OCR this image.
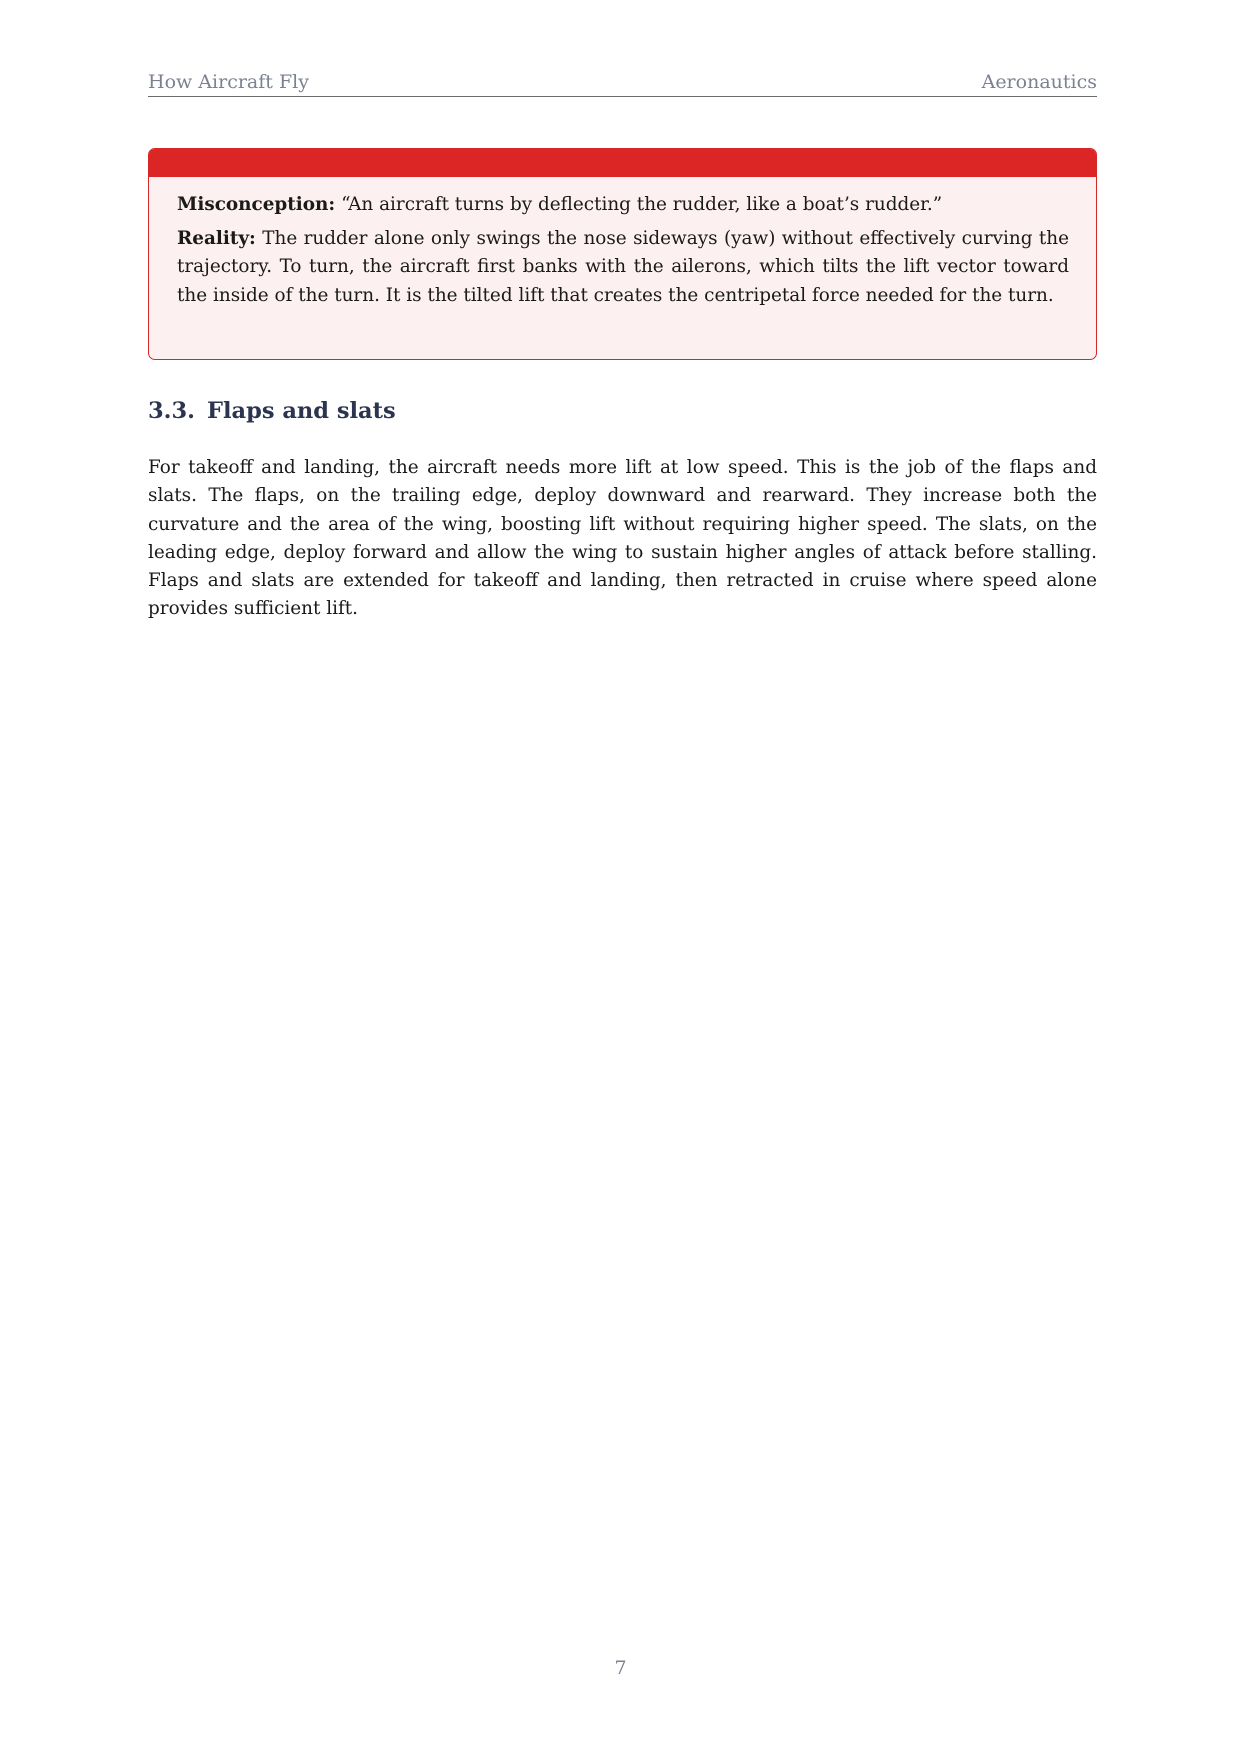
How Aircraft Fly	Aeronautics

Misconception: “An aircraft turns by deflecting the rudder, like a boat’s rudder.”

Reality: The rudder alone only swings the nose sideways (yaw) without effectively curving the trajectory. To turn, the aircraft first banks with the ailerons, which tilts the lift vector toward the inside of the turn. It is the tilted lift that creates the centripetal force needed for the turn.

3.3. Flaps and slats

For takeoff and landing, the aircraft needs more lift at low speed. This is the job of the flaps and slats. The flaps, on the trailing edge, deploy downward and rearward. They increase both the curvature and the area of the wing, boosting lift without requiring higher speed. The slats, on the leading edge, deploy forward and allow the wing to sustain higher angles of attack before stalling. Flaps and slats are extended for takeoff and landing, then retracted in cruise where speed alone provides sufficient lift.

7
